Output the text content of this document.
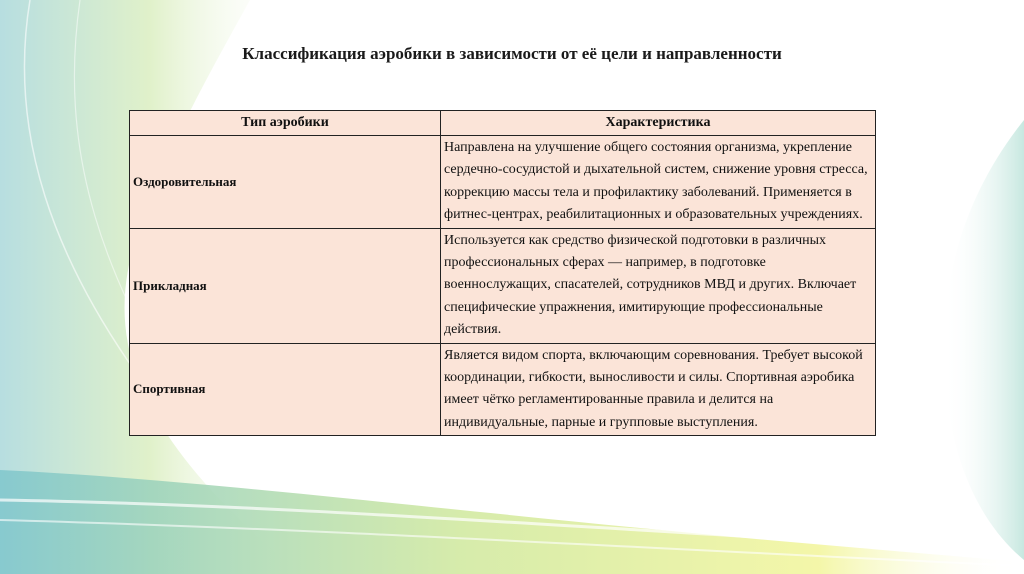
Классификация аэробики в зависимости от её цели и направленности
Тип аэробики	Характеристика
Оздоровительная	Направлена на улучшение общего состояния организма, укрепление сердечно-сосудистой и дыхательной систем, снижение уровня стресса, коррекцию массы тела и профилактику заболеваний. Применяется в фитнес-центрах, реабилитационных и образовательных учреждениях.
Прикладная	Используется как средство физической подготовки в различных профессиональных сферах — например, в подготовке военнослужащих, спасателей, сотрудников МВД и других. Включает специфические упражнения, имитирующие профессиональные действия.
Спортивная	Является видом спорта, включающим соревнования. Требует высокой координации, гибкости, выносливости и силы. Спортивная аэробика имеет чётко регламентированные правила и делится на индивидуальные, парные и групповые выступления.
